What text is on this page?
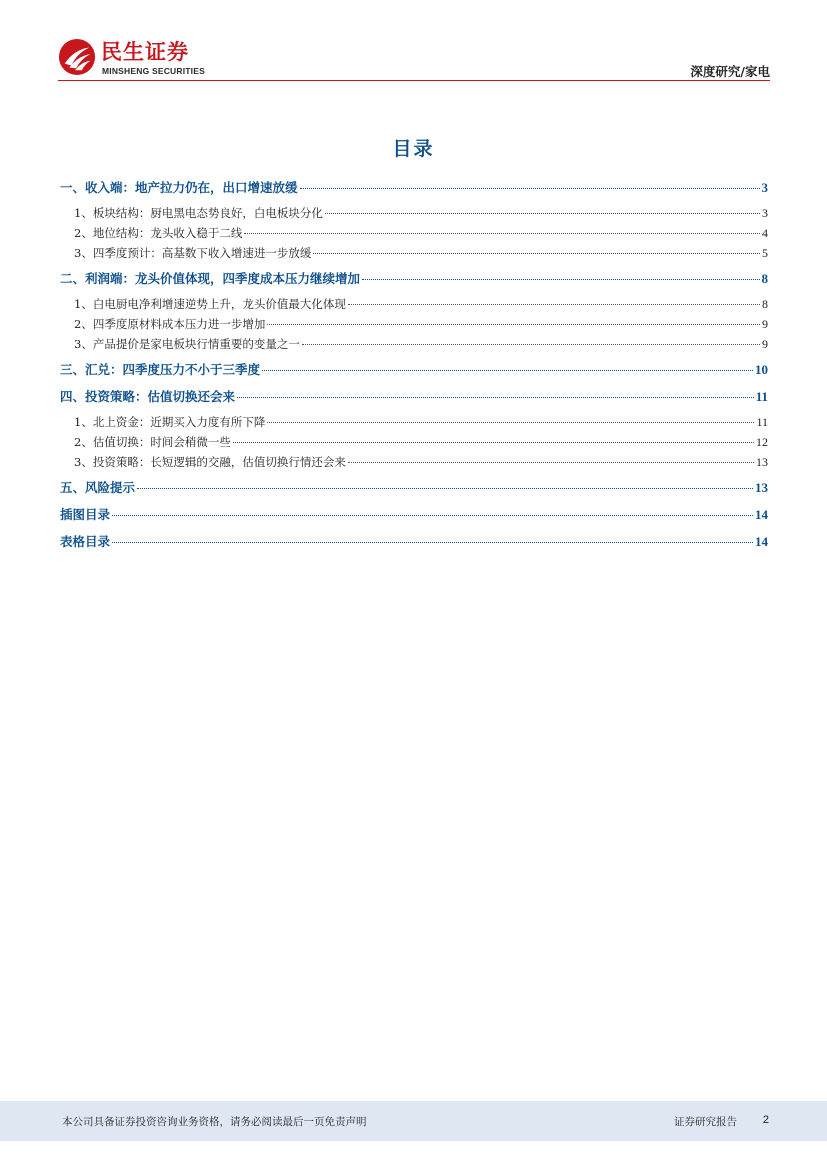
民生证券
MINSHENG SECURITIES	深度研究/家电
目录
一、收入端：地产拉力仍在，出口增速放缓	3
1、板块结构：厨电黑电态势良好，白电板块分化	3
2、地位结构：龙头收入稳于二线	4
3、四季度预计：高基数下收入增速进一步放缓	5
二、利润端：龙头价值体现，四季度成本压力继续增加	8
1、白电厨电净利增速逆势上升，龙头价值最大化体现	8
2、四季度原材料成本压力进一步增加	9
3、产品提价是家电板块行情重要的变量之一	9
三、汇兑：四季度压力不小于三季度	10
四、投资策略：估值切换还会来	11
1、北上资金：近期买入力度有所下降	11
2、估值切换：时间会稍微一些	12
3、投资策略：长短逻辑的交融，估值切换行情还会来	13
五、风险提示	13
插图目录	14
表格目录	14
本公司具备证券投资咨询业务资格，请务必阅读最后一页免责声明	证券研究报告 2
